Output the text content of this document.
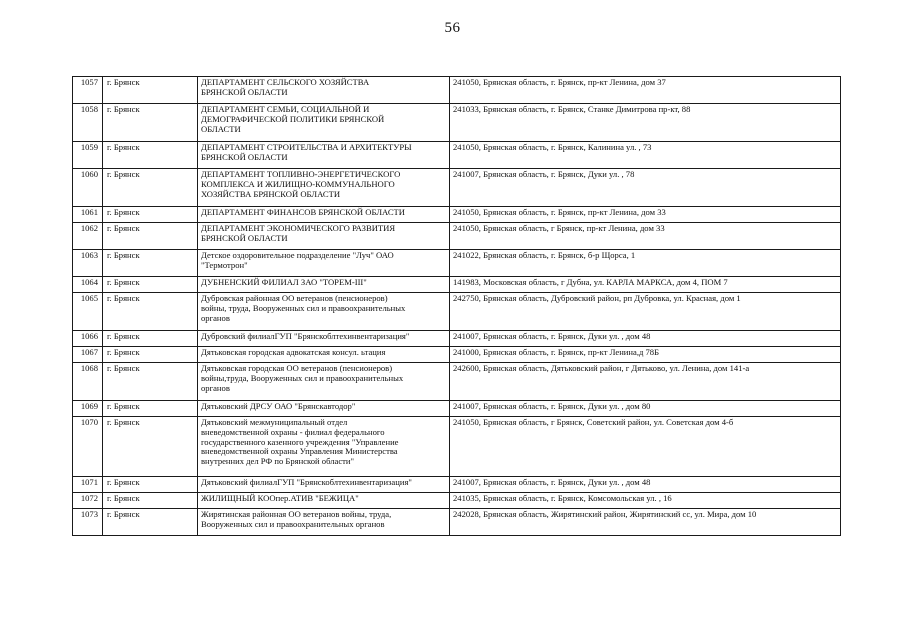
56
1057	г. Брянск	ДЕПАРТАМЕНТ СЕЛЬСКОГО ХОЗЯЙСТВА
БРЯНСКОЙ ОБЛАСТИ	241050, Брянская область, г. Брянск, пр-кт Ленина, дом 37
1058	г. Брянск	ДЕПАРТАМЕНТ СЕМЬИ, СОЦИАЛЬНОЙ И
ДЕМОГРАФИЧЕСКОЙ ПОЛИТИКИ БРЯНСКОЙ
ОБЛАСТИ	241033, Брянская область, г. Брянск, Станке Димитрова пр-кт, 88
1059	г. Брянск	ДЕПАРТАМЕНТ СТРОИТЕЛЬСТВА И АРХИТЕКТУРЫ
БРЯНСКОЙ ОБЛАСТИ	241050, Брянская область, г. Брянск, Калинина ул. , 73
1060	г. Брянск	ДЕПАРТАМЕНТ ТОПЛИВНО-ЭНЕРГЕТИЧЕСКОГО
КОМПЛЕКСА И ЖИЛИЩНО-КОММУНАЛЬНОГО
ХОЗЯЙСТВА БРЯНСКОЙ ОБЛАСТИ	241007, Брянская область, г. Брянск, Дуки ул. , 78
1061	г. Брянск	ДЕПАРТАМЕНТ ФИНАНСОВ БРЯНСКОЙ ОБЛАСТИ	241050, Брянская область, г. Брянск, пр-кт Ленина, дом 33
1062	г. Брянск	ДЕПАРТАМЕНТ ЭКОНОМИЧЕСКОГО РАЗВИТИЯ
БРЯНСКОЙ ОБЛАСТИ	241050, Брянская область, г Брянск, пр-кт Ленина, дом 33
1063	г. Брянск	Детское оздоровительное подразделение "Луч" ОАО
"Термотрон"	241022, Брянская область, г. Брянск, б-р Щорса, 1
1064	г. Брянск	ДУБНЕНСКИЙ ФИЛИАЛ ЗАО "ТОРЕМ-III"	141983, Московская область, г Дубна, ул. КАРЛА МАРКСА, дом 4, ПОМ 7
1065	г. Брянск	Дубровская районная ОО ветеранов (пенсионеров)
войны, труда, Вооруженных сил и правоохранительных
органов	242750, Брянская область, Дубровский район, рп Дубровка, ул. Красная, дом 1
1066	г. Брянск	Дубровский филиалГУП "Брянскоблтехинвентаризация"	241007, Брянская область, г. Брянск, Дуки ул. , дом 48
1067	г. Брянск	Дятьковская городская адвокатская консул. ьтация	241000, Брянская область, г. Брянск, пр-кт Ленина,д 78Б
1068	г. Брянск	Дятьковская городская ОО ветеранов (пенсионеров)
войны,труда, Вооруженных сил и правоохранительных
органов	242600, Брянская область, Дятьковский район, г Дятьково, ул. Ленина, дом 141-а
1069	г. Брянск	Дятьковский ДРСУ ОАО "Брянскавтодор"	241007, Брянская область, г. Брянск, Дуки ул. , дом 80
1070	г. Брянск	Дятьковский межмуниципальный отдел
вневедомственной охраны - филиал федерального
государственного казенного учреждения "Управление
вневедомственной охраны Управления Министерства
внутренних дел РФ по Брянской области"	241050, Брянская область, г Брянск, Советский район, ул. Советская дом 4-б
1071	г. Брянск	Дятьковский филиалГУП "Брянскоблтехинвентаризация"	241007, Брянская область, г. Брянск, Дуки ул. , дом 48
1072	г. Брянск	ЖИЛИЩНЫЙ КООпер.АТИВ "БЕЖИЦА"	241035, Брянская область, г. Брянск, Комсомольская ул. , 16
1073	г. Брянск	Жирятинская районная ОО ветеранов войны, труда,
Вооруженных сил и правоохранительных органов	242028, Брянская область, Жирятинский район, Жирятинский сс, ул. Мира, дом 10
